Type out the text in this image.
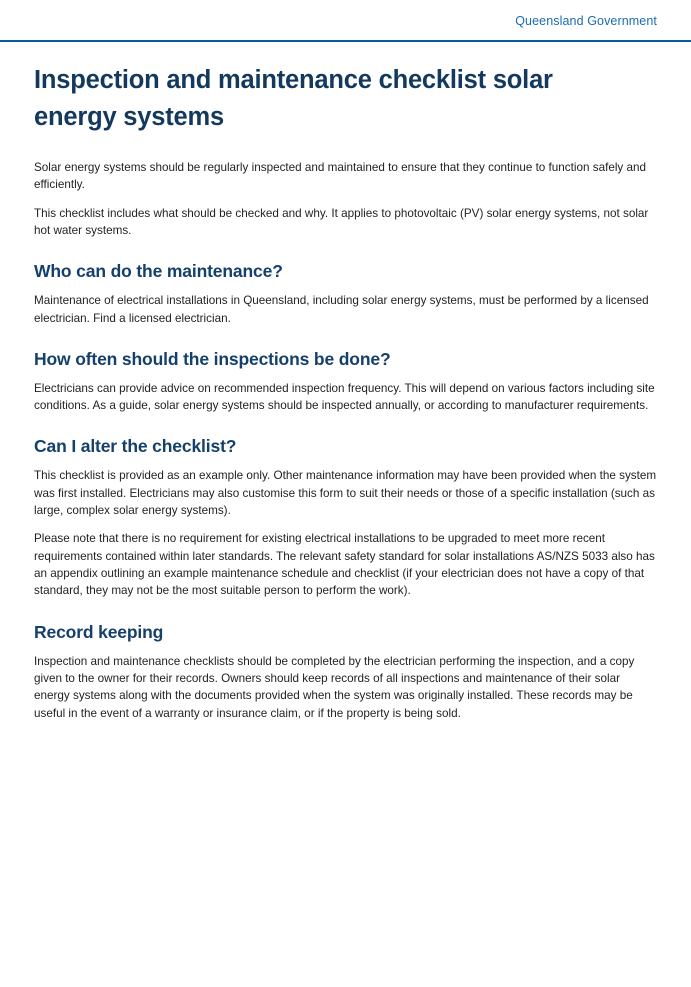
Queensland Government
Inspection and maintenance checklist solar energy systems

Solar energy systems should be regularly inspected and maintained to ensure that they continue to function safely and efficiently.

This checklist includes what should be checked and why. It applies to photovoltaic (PV) solar energy systems, not solar hot water systems.

Who can do the maintenance?

Maintenance of electrical installations in Queensland, including solar energy systems, must be performed by a licensed electrician. Find a licensed electrician.

How often should the inspections be done?

Electricians can provide advice on recommended inspection frequency. This will depend on various factors including site conditions. As a guide, solar energy systems should be inspected annually, or according to manufacturer requirements.

Can I alter the checklist?

This checklist is provided as an example only. Other maintenance information may have been provided when the system was first installed. Electricians may also customise this form to suit their needs or those of a specific installation (such as large, complex solar energy systems).

Please note that there is no requirement for existing electrical installations to be upgraded to meet more recent requirements contained within later standards. The relevant safety standard for solar installations AS/NZS 5033 also has an appendix outlining an example maintenance schedule and checklist (if your electrician does not have a copy of that standard, they may not be the most suitable person to perform the work).

Record keeping

Inspection and maintenance checklists should be completed by the electrician performing the inspection, and a copy given to the owner for their records. Owners should keep records of all inspections and maintenance of their solar energy systems along with the documents provided when the system was originally installed. These records may be useful in the event of a warranty or insurance claim, or if the property is being sold.

ELIVERING
FOR QUEENSLAND
Queensland
Government
